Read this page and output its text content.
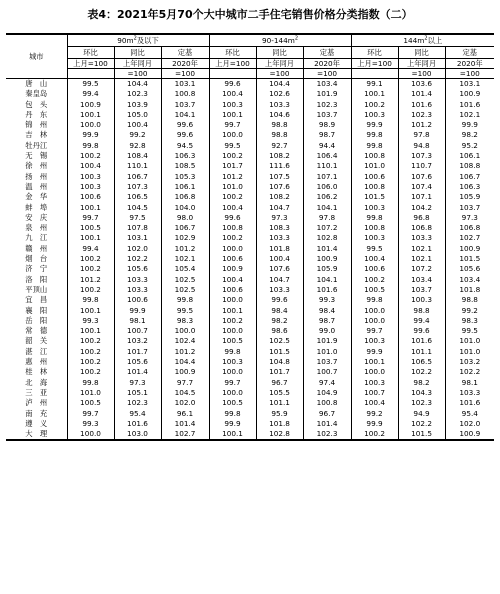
表4：2021年5月70个大中城市二手住宅销售价格分类指数（二）
城市	$90m^2$及以下			$90-144m^2$			$144m^2$以上		
	环比	同比	定基	环比	同比	定基	环比	同比	定基
	上月=100	上年同月	2020年	上月=100	上年同月	2020年	上月=100	上年同月	2020年
		=100	=100		=100	=100		=100	=100
唐　山	99.5	104.4	103.1	99.6	104.4	103.4	99.1	103.6	103.1
秦皇岛	99.4	102.3	100.8	100.4	102.6	101.9	100.1	101.4	100.9
包　头	100.9	103.9	103.7	100.3	103.3	102.3	100.2	101.6	101.6
丹　东	100.1	105.0	104.1	100.1	104.6	103.7	100.3	102.3	102.1
锦　州	100.0	100.4	99.6	99.7	98.8	98.9	99.9	101.2	99.9
吉　林	99.9	99.2	99.6	100.0	98.8	98.7	99.8	97.8	98.2
牡丹江	99.8	92.8	94.5	99.5	92.7	94.4	99.8	94.8	95.2
无　锡	100.2	108.4	106.3	100.2	108.2	106.4	100.8	107.3	106.1
徐　州	100.4	110.1	108.5	101.7	111.6	110.1	101.0	110.7	108.8
扬　州	100.3	106.7	105.3	101.2	107.5	107.1	100.6	107.6	106.7
温　州	100.3	107.3	106.1	101.0	107.6	106.0	100.8	107.4	106.3
金　华	100.6	106.5	106.8	100.2	108.2	106.2	101.5	107.1	105.9
蚌　埠	100.1	104.5	104.0	100.4	104.7	104.1	100.3	104.2	103.7
安　庆	99.7	97.5	98.0	99.6	97.3	97.8	99.8	96.8	97.3
泉　州	100.5	107.8	106.7	100.8	108.3	107.2	100.8	106.8	106.8
九　江	100.1	103.1	102.9	100.2	103.3	102.8	100.3	103.3	102.7
赣　州	99.4	102.0	101.2	100.0	101.8	101.4	99.5	102.1	100.9
烟　台	100.2	102.2	102.1	100.6	100.4	100.9	100.4	102.1	101.5
济　宁	100.2	105.6	105.4	100.9	107.6	105.9	100.6	107.2	105.6
洛　阳	101.2	103.3	102.5	100.4	104.7	104.1	100.2	103.4	103.4
平顶山	100.2	103.3	102.5	100.6	103.3	101.6	100.5	103.7	101.8
宜　昌	99.8	100.6	99.8	100.0	99.6	99.3	99.8	100.3	98.8
襄　阳	100.1	99.9	99.5	100.1	98.4	98.4	100.0	98.8	99.2
岳　阳	99.3	98.1	98.3	100.2	98.2	98.7	100.0	99.4	98.3
常　德	100.1	100.7	100.0	100.0	98.6	99.0	99.7	99.6	99.5
韶　关	100.2	103.2	102.4	100.5	102.5	101.9	100.3	101.6	101.0
湛　江	100.2	101.7	101.2	99.8	101.5	101.0	99.9	101.1	101.0
惠　州	100.2	105.6	104.4	100.3	104.8	103.7	100.1	106.5	103.2
桂　林	100.2	101.4	100.9	100.0	101.7	100.7	100.0	102.2	102.2
北　海	99.8	97.3	97.7	99.7	96.7	97.4	100.3	98.2	98.1
三　亚	101.0	105.1	104.5	100.0	105.5	104.9	100.7	104.3	103.3
泸　州	100.5	102.3	102.0	100.5	101.1	100.8	100.4	102.3	101.6
南　充	99.7	95.4	96.1	99.8	95.9	96.7	99.2	94.9	95.4
遵　义	99.3	101.6	101.4	99.9	101.8	101.4	99.9	102.2	102.0
大　理	100.0	103.0	102.7	100.1	102.8	102.3	100.2	101.5	100.9
